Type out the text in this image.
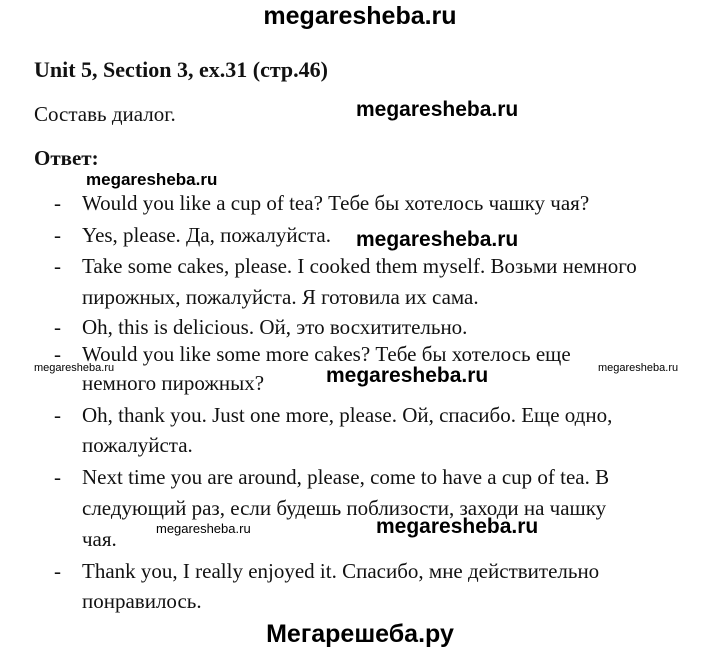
megaresheba.ru
megaresheba.ru
megaresheba.ru
megaresheba.ru
megaresheba.ru	megaresheba.ru	megaresheba.ru
megaresheba.ru	megaresheba.ru
Мегарешеба.ру
Unit 5, Section 3, ex.31 (стр.46)
Составь диалог.
Ответ:
- Would you like a cup of tea? Тебе бы хотелось чашку чая?
- Yes, please. Да, пожалуйста.
- Take some cakes, please. I cooked them myself. Возьми немного
пирожных, пожалуйста. Я готовила их сама.
- Oh, this is delicious. Ой, это восхитительно.
- Would you like some more cakes? Тебе бы хотелось еще
немного пирожных?
- Oh, thank you. Just one more, please. Ой, спасибо. Еще одно,
пожалуйста.
- Next time you are around, please, come to have a cup of tea. В
следующий раз, если будешь поблизости, заходи на чашку
чая.
- Thank you, I really enjoyed it. Спасибо, мне действительно
понравилось.
